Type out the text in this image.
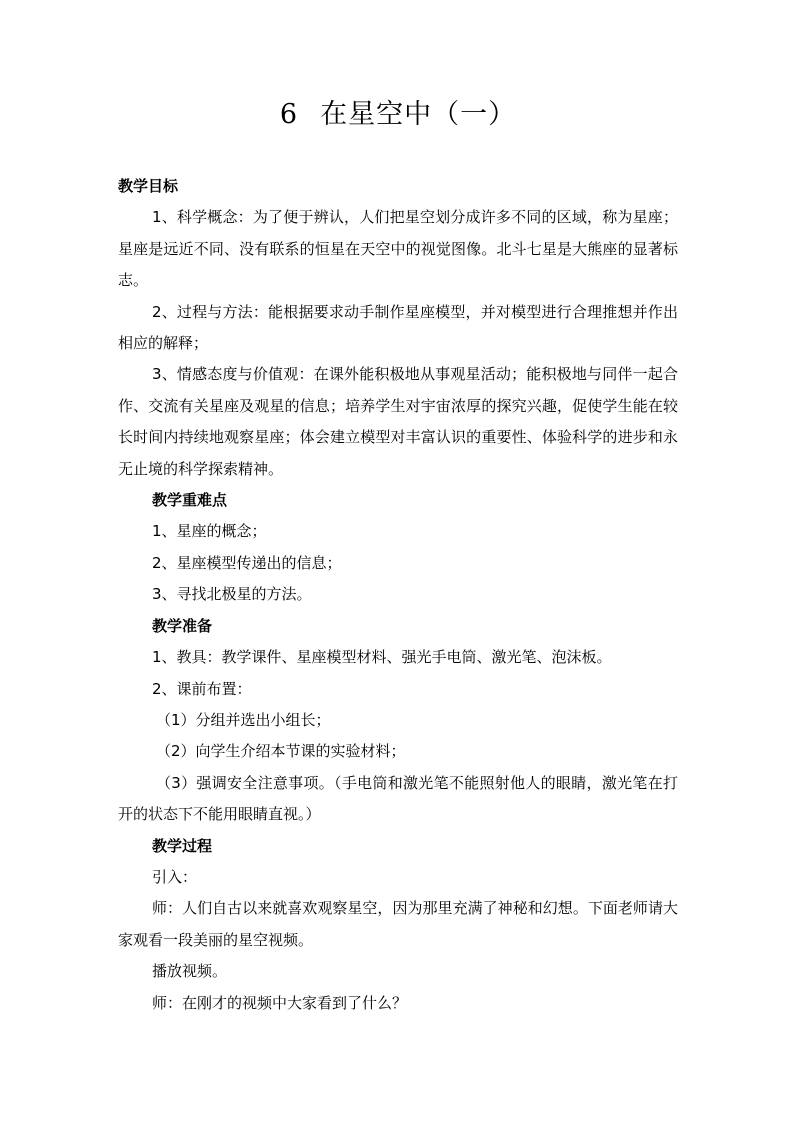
6 在星空中（一）

教学目标

1、科学概念：为了便于辨认，人们把星空划分成许多不同的区域，称为星座；星座是远近不同、没有联系的恒星在天空中的视觉图像。北斗七星是大熊座的显著标志。

2、过程与方法：能根据要求动手制作星座模型，并对模型进行合理推想并作出相应的解释；

3、情感态度与价值观：在课外能积极地从事观星活动；能积极地与同伴一起合作、交流有关星座及观星的信息；培养学生对宇宙浓厚的探究兴趣，促使学生能在较长时间内持续地观察星座；体会建立模型对丰富认识的重要性、体验科学的进步和永无止境的科学探索精神。

教学重难点

1、星座的概念；

2、星座模型传递出的信息；

3、寻找北极星的方法。

教学准备

1、教具：教学课件、星座模型材料、强光手电筒、激光笔、泡沫板。

2、课前布置：

（1）分组并选出小组长；

（2）向学生介绍本节课的实验材料；

（3）强调安全注意事项。（手电筒和激光笔不能照射他人的眼睛，激光笔在打开的状态下不能用眼睛直视。）

教学过程

引入：

师：人们自古以来就喜欢观察星空，因为那里充满了神秘和幻想。下面老师请大家观看一段美丽的星空视频。

播放视频。

师：在刚才的视频中大家看到了什么？
